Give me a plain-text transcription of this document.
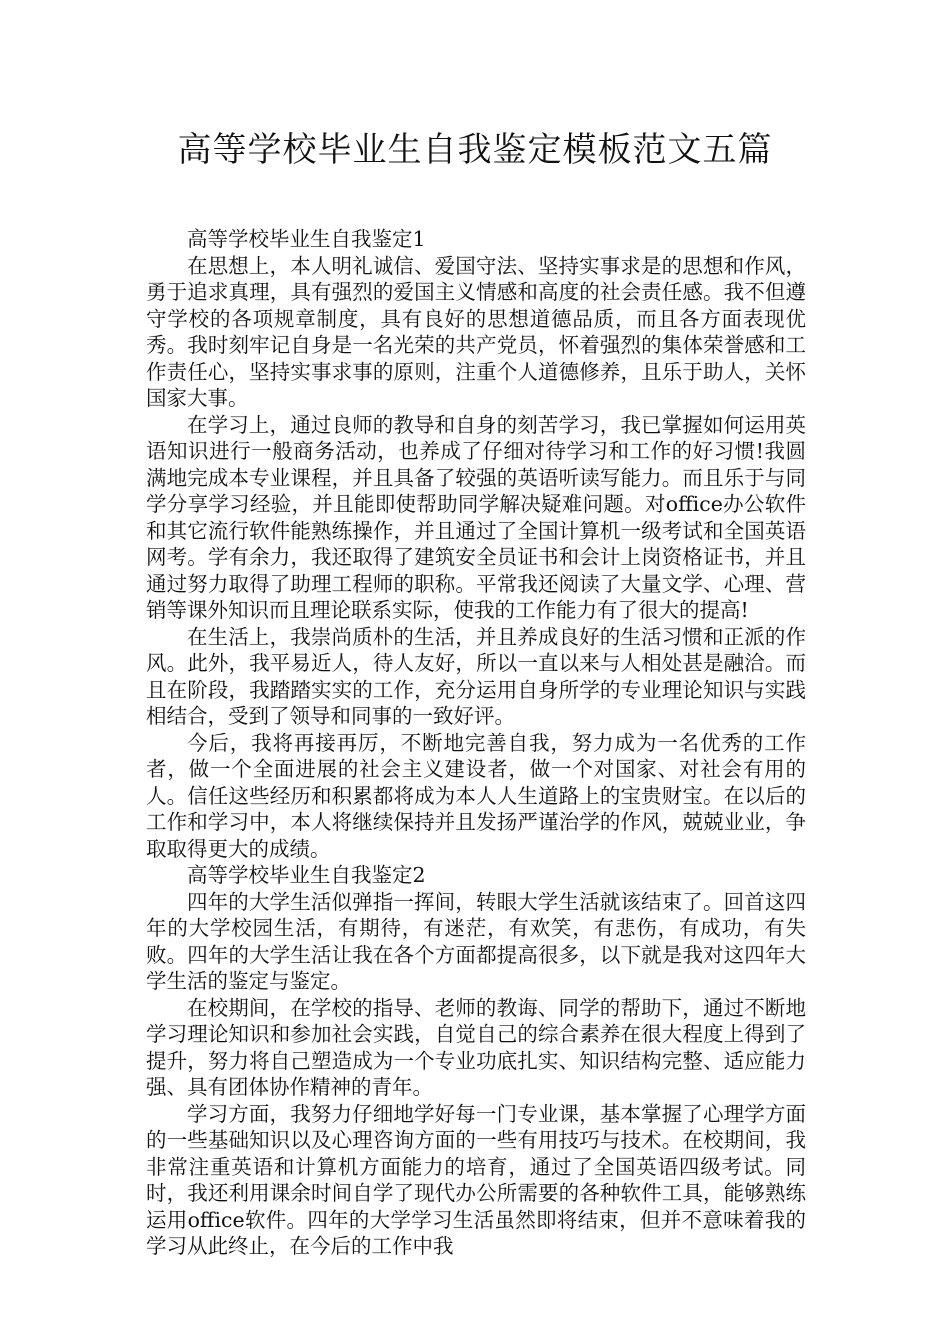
高等学校毕业生自我鉴定模板范文五篇

高等学校毕业生自我鉴定1

在思想上，本人明礼诚信、爱国守法、坚持实事求是的思想和作风，勇于追求真理，具有强烈的爱国主义情感和高度的社会责任感。我不但遵守学校的各项规章制度，具有良好的思想道德品质，而且各方面表现优秀。我时刻牢记自身是一名光荣的共产党员，怀着强烈的集体荣誉感和工作责任心，坚持实事求事的原则，注重个人道德修养，且乐于助人，关怀国家大事。

在学习上，通过良师的教导和自身的刻苦学习，我已掌握如何运用英语知识进行一般商务活动，也养成了仔细对待学习和工作的好习惯!我圆满地完成本专业课程，并且具备了较强的英语听读写能力。而且乐于与同学分享学习经验，并且能即使帮助同学解决疑难问题。对office办公软件和其它流行软件能熟练操作，并且通过了全国计算机一级考试和全国英语网考。学有余力，我还取得了建筑安全员证书和会计上岗资格证书，并且通过努力取得了助理工程师的职称。平常我还阅读了大量文学、心理、营销等课外知识而且理论联系实际，使我的工作能力有了很大的提高!

在生活上，我崇尚质朴的生活，并且养成良好的生活习惯和正派的作风。此外，我平易近人，待人友好，所以一直以来与人相处甚是融洽。而且在阶段，我踏踏实实的工作，充分运用自身所学的专业理论知识与实践相结合，受到了领导和同事的一致好评。

今后，我将再接再厉，不断地完善自我，努力成为一名优秀的工作者，做一个全面进展的社会主义建设者，做一个对国家、对社会有用的人。信任这些经历和积累都将成为本人人生道路上的宝贵财宝。在以后的工作和学习中，本人将继续保持并且发扬严谨治学的作风，兢兢业业，争取取得更大的成绩。

高等学校毕业生自我鉴定2

四年的大学生活似弹指一挥间，转眼大学生活就该结束了。回首这四年的大学校园生活，有期待，有迷茫，有欢笑，有悲伤，有成功，有失败。四年的大学生活让我在各个方面都提高很多，以下就是我对这四年大学生活的鉴定与鉴定。

在校期间，在学校的指导、老师的教诲、同学的帮助下，通过不断地学习理论知识和参加社会实践，自觉自己的综合素养在很大程度上得到了提升，努力将自己塑造成为一个专业功底扎实、知识结构完整、适应能力强、具有团体协作精神的青年。

学习方面，我努力仔细地学好每一门专业课，基本掌握了心理学方面的一些基础知识以及心理咨询方面的一些有用技巧与技术。在校期间，我非常注重英语和计算机方面能力的培育，通过了全国英语四级考试。同时，我还利用课余时间自学了现代办公所需要的各种软件工具，能够熟练运用office软件。四年的大学学习生活虽然即将结束，但并不意味着我的学习从此终止，在今后的工作中我
